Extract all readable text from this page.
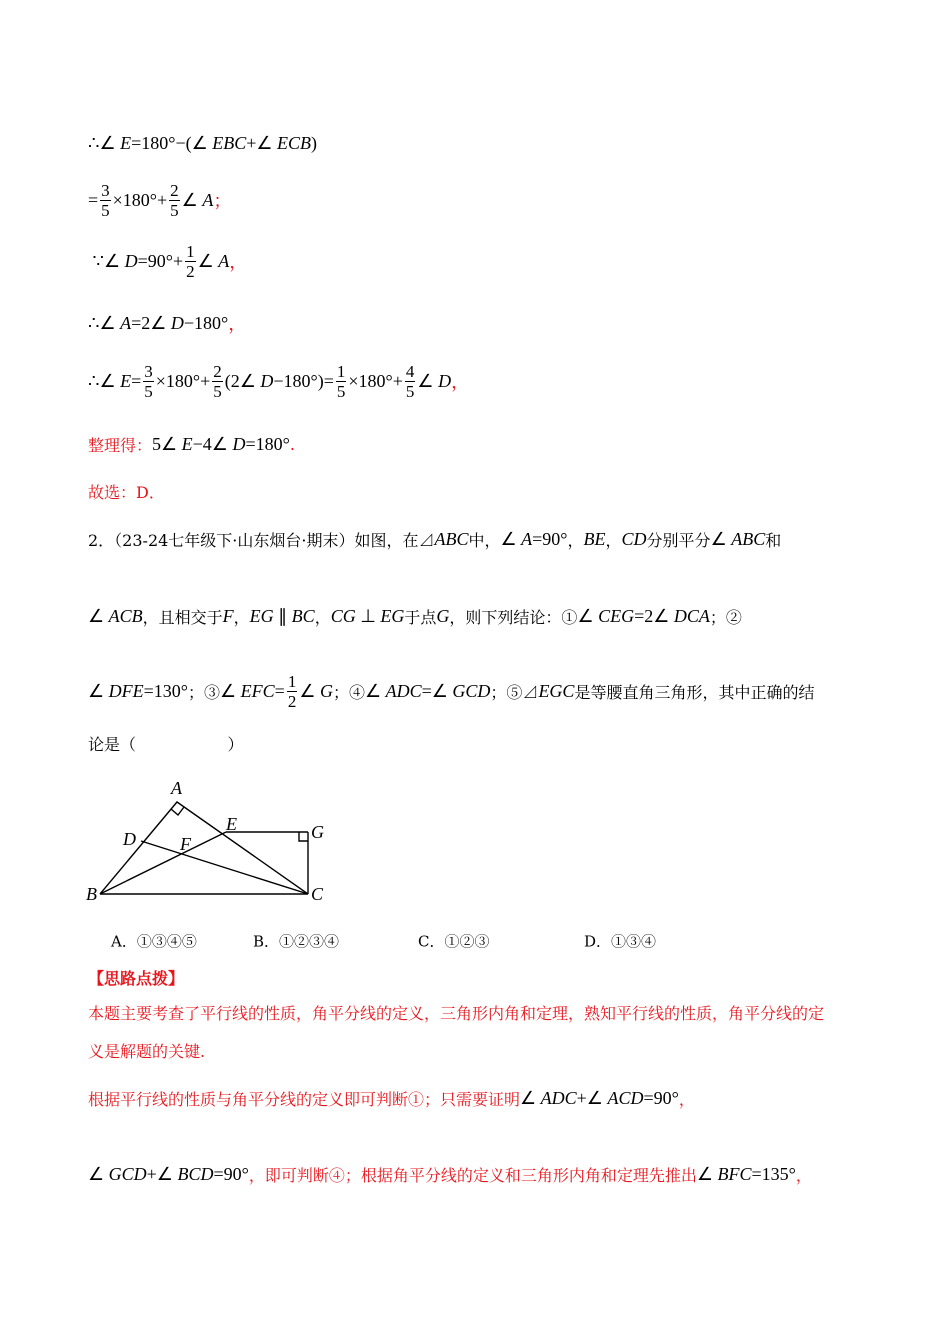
∴∠ E =180°−(∠ EBC +∠ ECB )
= $\frac{3}{5} \times 180^\circ+ \frac{2}{5}$ ∠ A ；
∵∠ $D =90^\circ+ \frac{1}{2}$ ∠ A ，
∴∠ A =2∠ D −180° ，
∴∠ $E = \frac{3}{5} \times 180^\circ+ \frac{2}{5}$ (2∠ $D -180^\circ)= \frac{1}{5} \times 180^\circ+ \frac{4}{5}$ ∠ D ，
整理得： 5∠ E −4∠ D =180° .
故选：D．
2．（23-24七年级下·山东烟台·期末）如图，在⊿ ABC 中， ∠ A =90° ， BE ， CD 分别平分 ∠ ABC 和
∠ ACB ，且相交于 F ， EG ∥ BC ， CG ⊥ EG 于点 G ，则下列结论：① ∠ CEG =2∠ DCA ；②
∠ DFE =130° ；③ ∠ EFC = $\frac{1}{2}$ ∠ G ；④ ∠ ADC =∠ GCD ；⑤⊿ EGC 是等腰直角三角形，其中正确的结
论是（                  ）
【思路点拨】
本题主要考查了平行线的性质，角平分线的定义，三角形内角和定理，熟知平行线的性质，角平分线的定
义是解题的关键.
根据平行线的性质与角平分线的定义即可判断①；只需要证明 ∠ ADC +∠ ACD =90° ，
∠ GCD +∠ BCD =90° ，即可判断④；根据角平分线的定义和三角形内角和定理先推出 ∠ BFC =135° ，
A．①③④⑤	B．①②③④	C．①②③	D．①③④
A
B	C
D
E
F
G
